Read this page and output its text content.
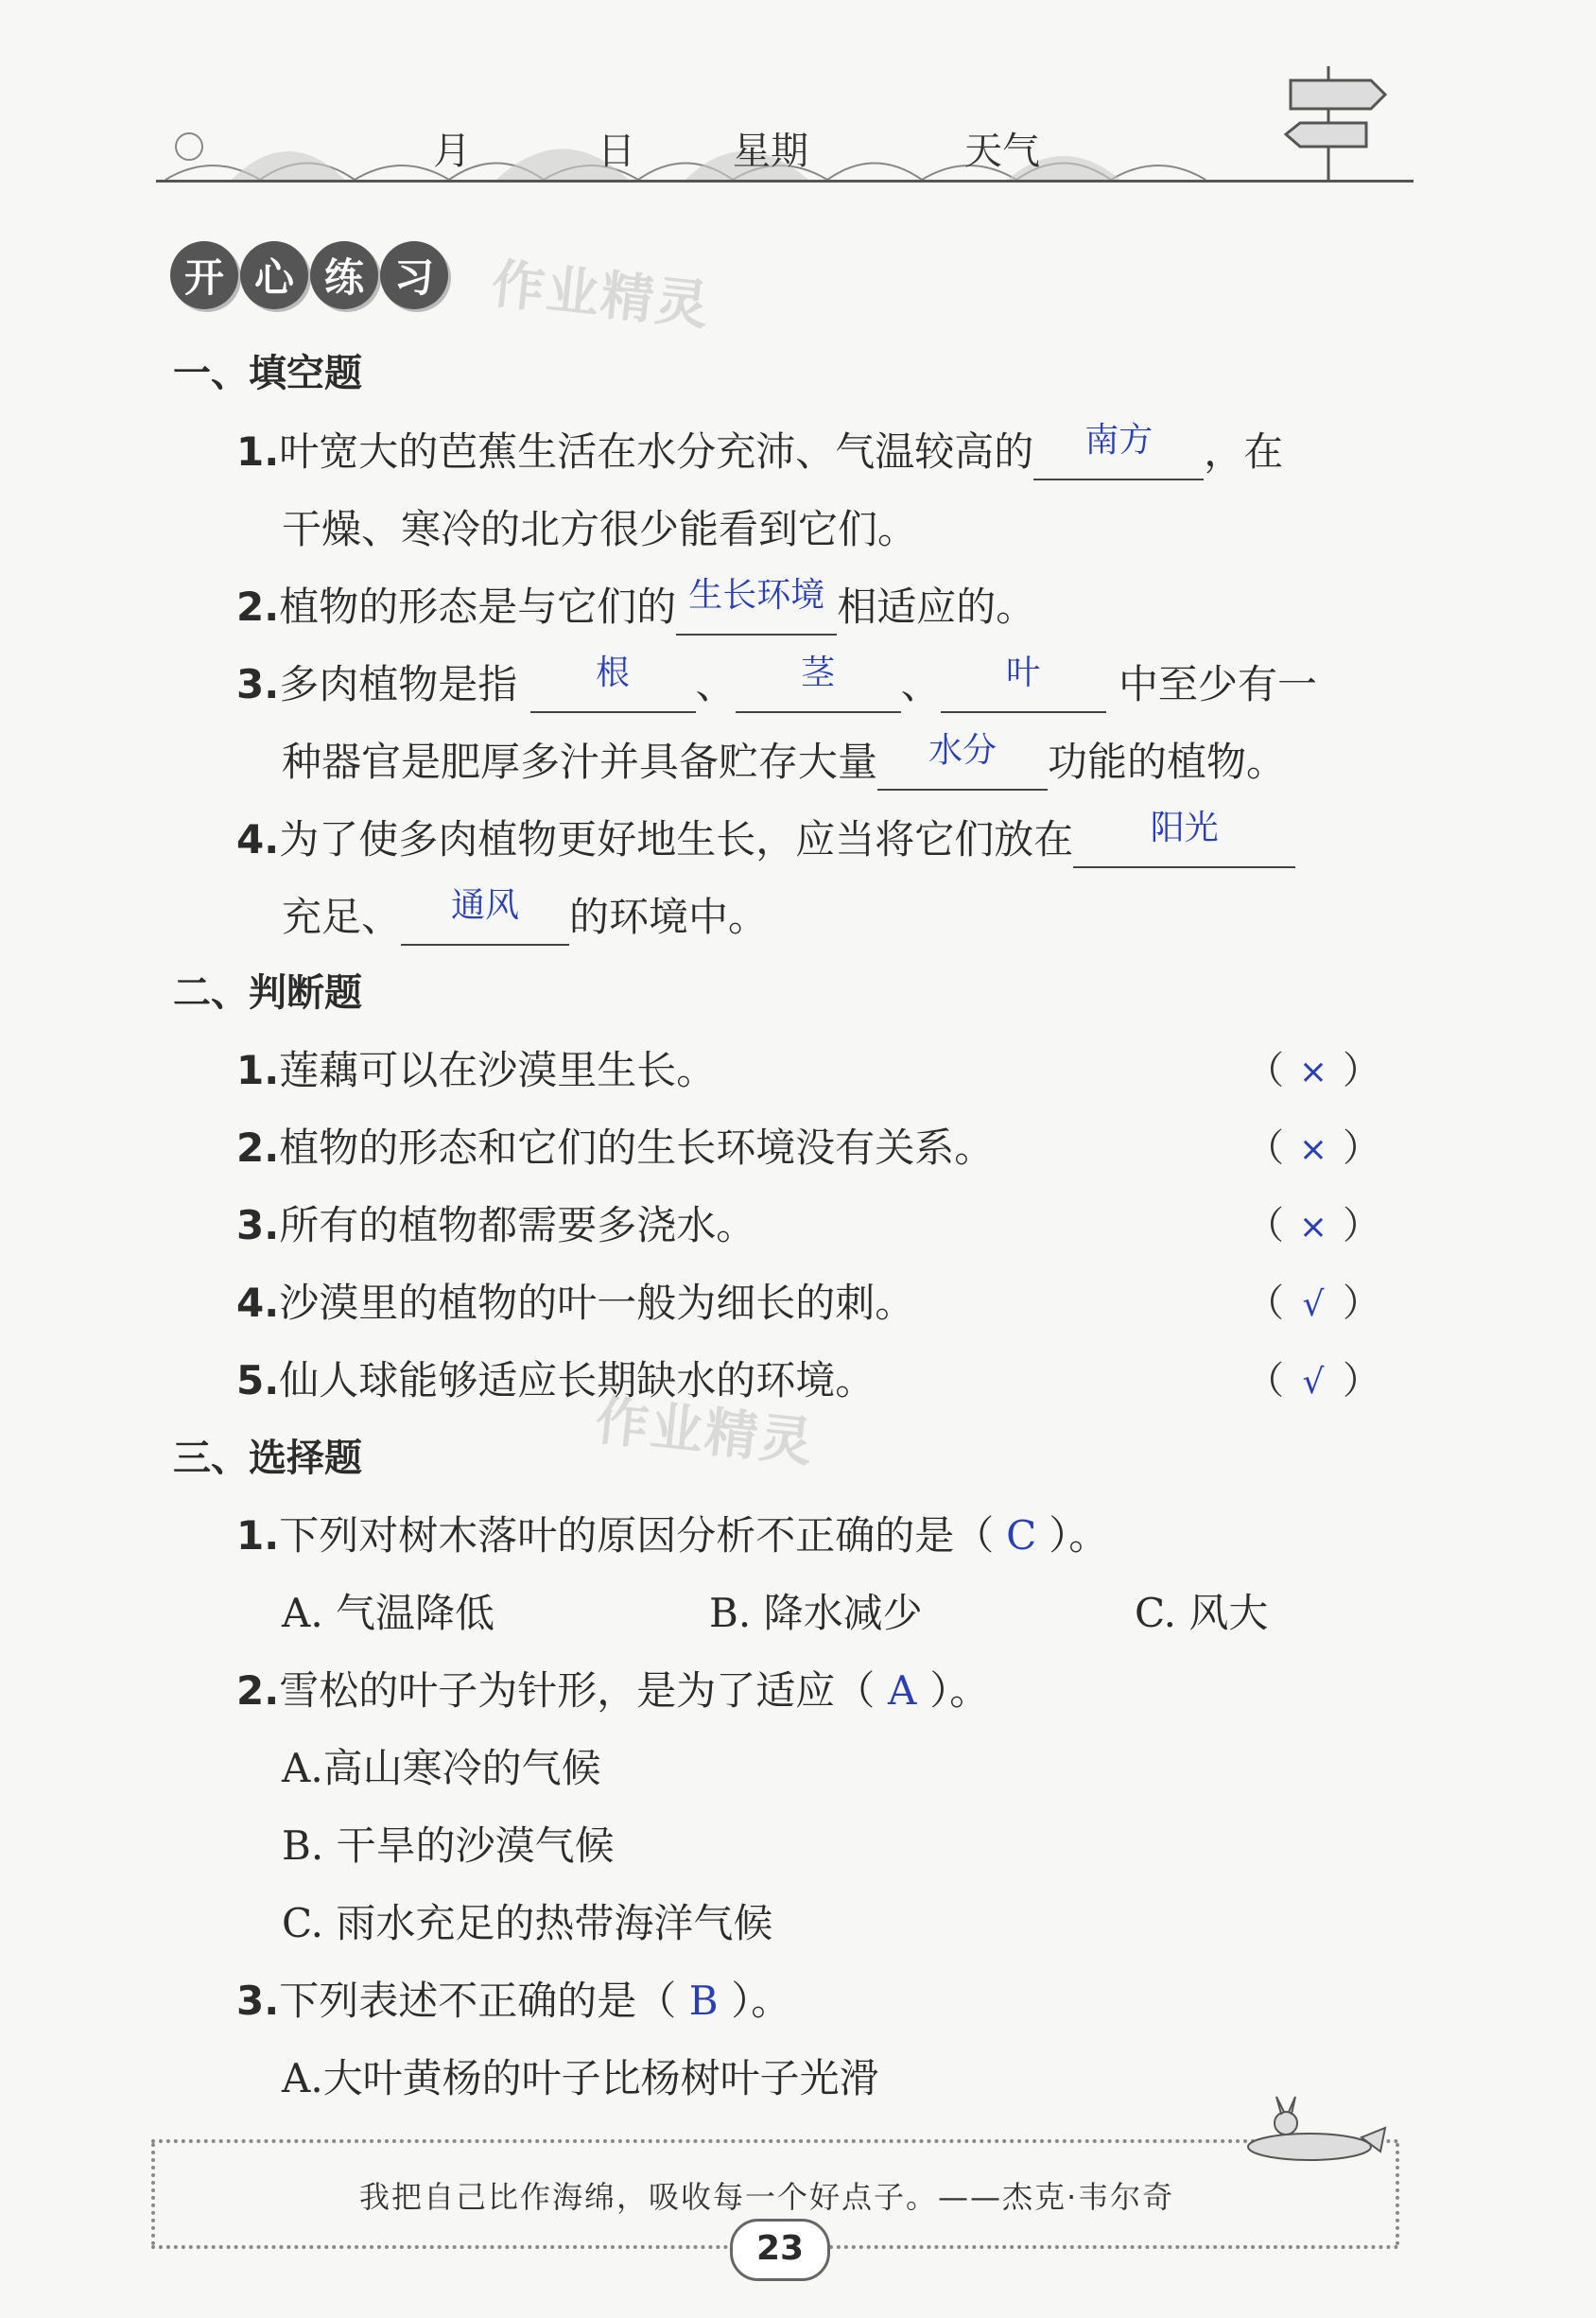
月	日	星期	天气
开 心 练 习 作业精灵
作业精灵
一、填空题
1.叶宽大的芭蕉生活在水分充沛、气温较高的	南方	，在
干燥、寒冷的北方很少能看到它们。
2.植物的形态是与它们的 生长环境 相适应的。
3.多肉植物是指	根	、	茎	、	叶	中至少有一
种器官是肥厚多汁并具备贮存大量	水分	功能的植物。
4.为了使多肉植物更好地生长，应当将它们放在	阳光
充足、	通风	的环境中。
二、判断题
1.莲藕可以在沙漠里生长。	（ × ）
2.植物的形态和它们的生长环境没有关系。	（ × ）
3.所有的植物都需要多浇水。	（ × ）
4.沙漠里的植物的叶一般为细长的刺。	（ √ ）
5.仙人球能够适应长期缺水的环境。	（ √ ）
三、选择题
1.下列对树木落叶的原因分析不正确的是（ C ）。
A. 气温降低	B. 降水减少	C. 风大
2.雪松的叶子为针形，是为了适应（ A ）。
A.高山寒冷的气候
B. 干旱的沙漠气候
C. 雨水充足的热带海洋气候
3.下列表述不正确的是（ B ）。
A.大叶黄杨的叶子比杨树叶子光滑
我把自己比作海绵，吸收每一个好点子。——杰克·韦尔奇
23
